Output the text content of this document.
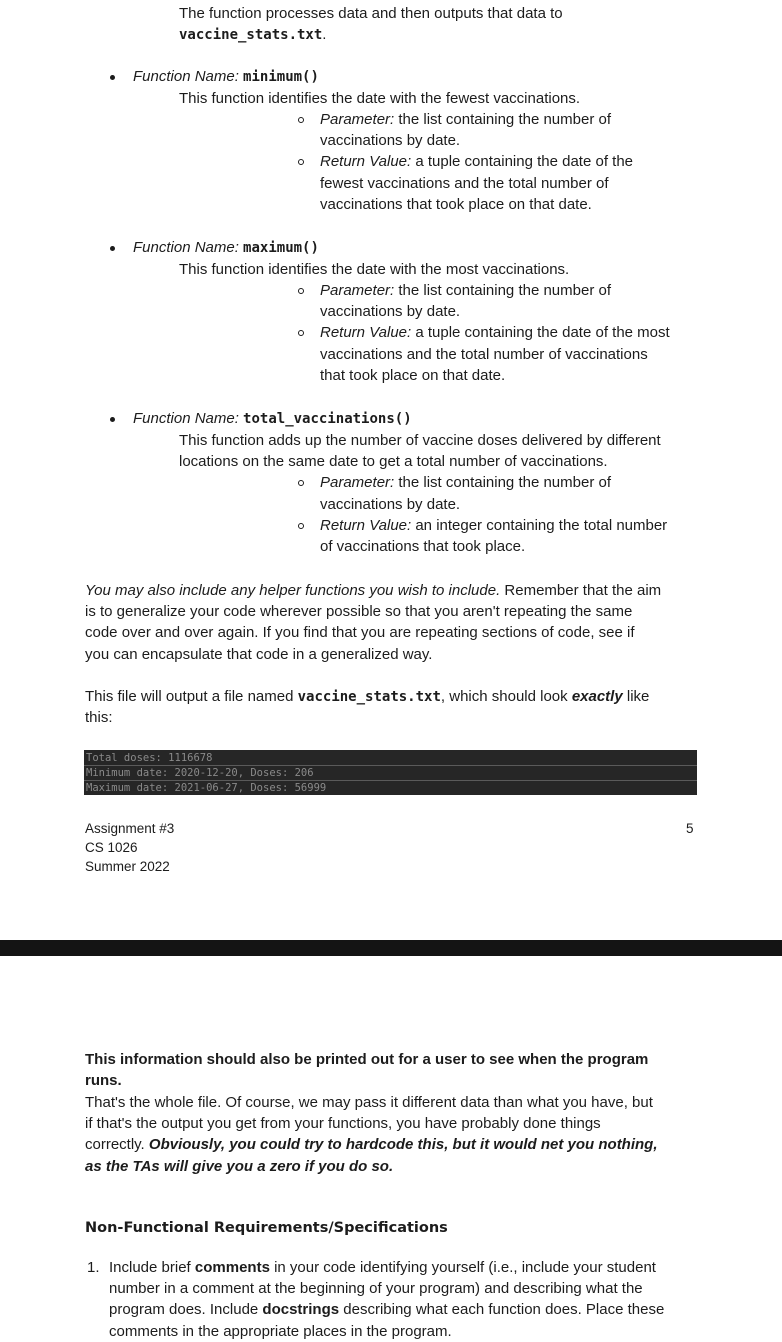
The function processes data and then outputs that data to
vaccine_stats.txt.
Function Name: minimum()
This function identifies the date with the fewest vaccinations.
Parameter: the list containing the number of
vaccinations by date.
Return Value: a tuple containing the date of the
fewest vaccinations and the total number of
vaccinations that took place on that date.
Function Name: maximum()
This function identifies the date with the most vaccinations.
Parameter: the list containing the number of
vaccinations by date.
Return Value: a tuple containing the date of the most
vaccinations and the total number of vaccinations
that took place on that date.
Function Name: total_vaccinations()
This function adds up the number of vaccine doses delivered by different
locations on the same date to get a total number of vaccinations.
Parameter: the list containing the number of
vaccinations by date.
Return Value: an integer containing the total number
of vaccinations that took place.
You may also include any helper functions you wish to include. Remember that the aim
is to generalize your code wherever possible so that you aren't repeating the same
code over and over again. If you find that you are repeating sections of code, see if
you can encapsulate that code in a generalized way.
This file will output a file named vaccine_stats.txt, which should look exactly like
this:
Total doses: 1116678
Minimum date: 2020-12-20, Doses: 206
Maximum date: 2021-06-27, Doses: 56999
Assignment #3
CS 1026
Summer 2022
5
This information should also be printed out for a user to see when the program
runs.
That's the whole file. Of course, we may pass it different data than what you have, but
if that's the output you get from your functions, you have probably done things
correctly. Obviously, you could try to hardcode this, but it would net you nothing,
as the TAs will give you a zero if you do so.
Non-Functional Requirements/Specifications
1. Include brief comments in your code identifying yourself (i.e., include your student
number in a comment at the beginning of your program) and describing what the
program does. Include docstrings describing what each function does. Place these
comments in the appropriate places in the program.
